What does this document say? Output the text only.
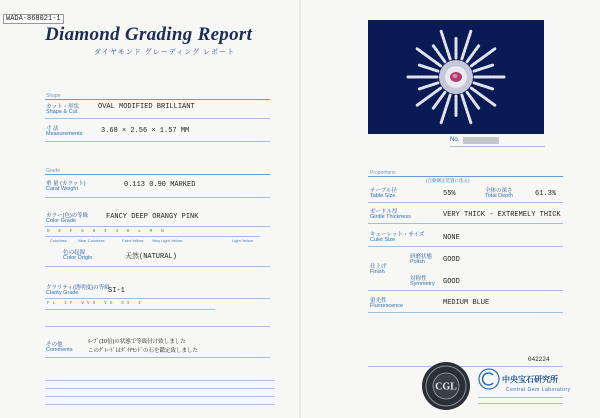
WADA-868021-1
Diamond Grading Report
ダイヤモンド グレーディング レポート
Shape
カット・形状
Shape & Cut
OVAL MODIFIED BRILLIANT
寸 法
Measurements	3.68 × 2.56 × 1.57 MM
Grade
重 量 (カラット)
Carat Weight	0.113 0.90 MARKED
カラー(色)の等級
Color Grade	FANCY DEEP ORANGY PINK
D E F G H I J K L M N
Colorless	Near Colorless	Faint Yellow Very Light Yellow	Light Yellow
色の起源
Color Origin	天然(NATURAL)
クラリティ(透明度)の等級
Clarity Grade	SI-1
FL IF VVS VS SI I
その他
Comments
ﾙｰﾌﾞ(10倍)の状態で等級付け致しました
このｸﾞﾚｰﾄﾞはﾀﾞｲﾔﾓﾝﾄﾞの石を鑑定致しました
No.
Proportions
(自動測定装置に依る)
テーブル径
Table Size	55%	全体の深さ
Total Depth	61.3%
ガードル厚
Girdle Thickness	VERY THICK - EXTREMELY THICK
キューレット・サイズ
Culet Size	NONE
仕上げ
Finish
研磨状態
Polish	GOOD
対称性
Symmetry GOOD
蛍光性
Fluorescence	MEDIUM BLUE
042224
CGL
中央宝石研究所
Central Gem Laboratory
